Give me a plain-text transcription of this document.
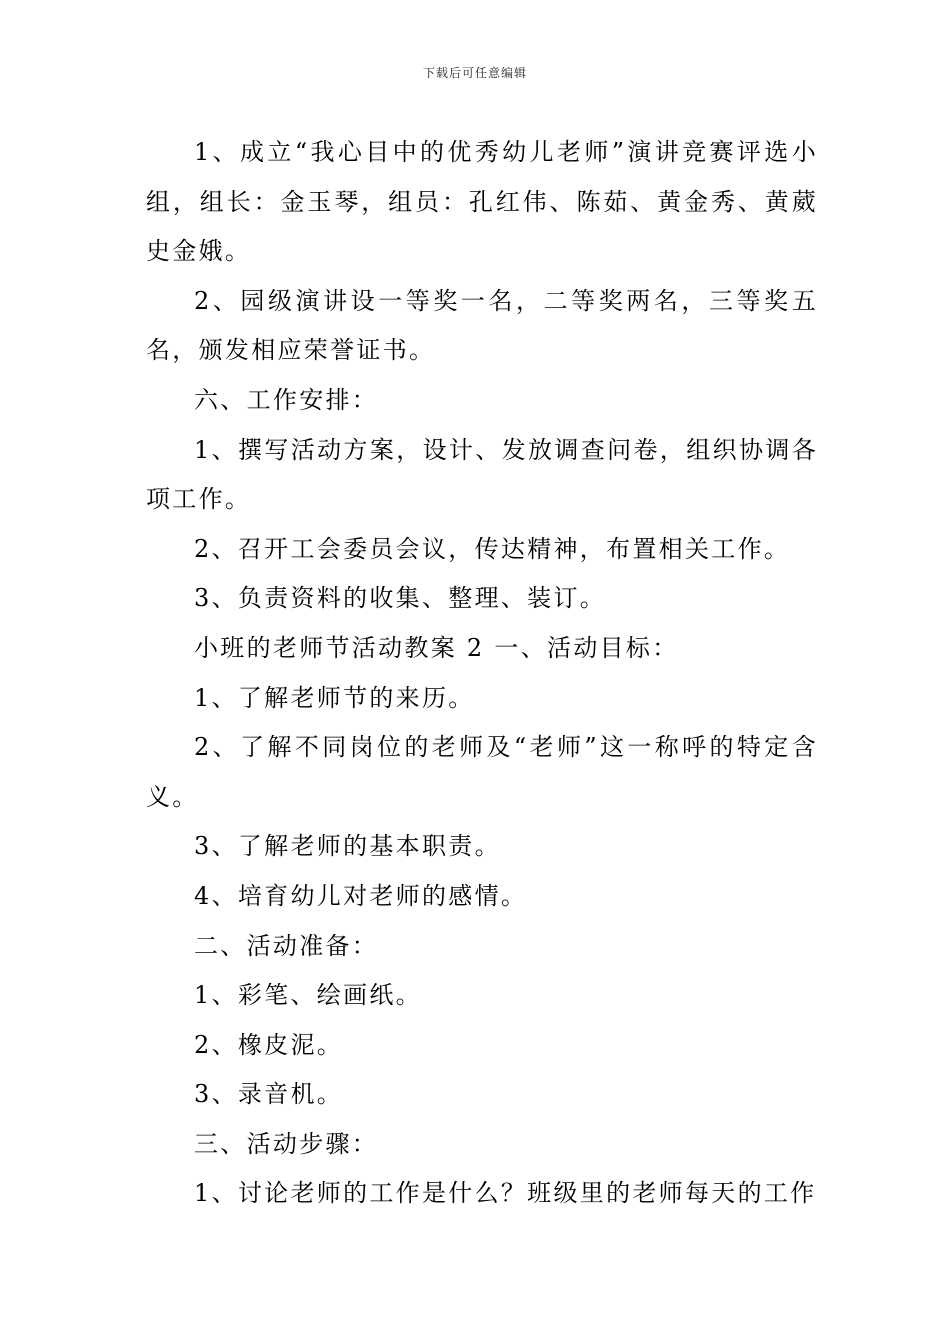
下载后可任意编辑

1、成立“我心目中的优秀幼儿老师”演讲竞赛评选小组，组长：金玉琴，组员：孔红伟、陈茹、黄金秀、黄葳史金娥。

2、园级演讲设一等奖一名，二等奖两名，三等奖五名，颁发相应荣誉证书。

六、工作安排：

1、撰写活动方案，设计、发放调查问卷，组织协调各项工作。

2、召开工会委员会议，传达精神，布置相关工作。

3、负责资料的收集、整理、装订。

小班的老师节活动教案 2 一、活动目标：

1、了解老师节的来历。

2、了解不同岗位的老师及“老师”这一称呼的特定含义。

3、了解老师的基本职责。

4、培育幼儿对老师的感情。

二、活动准备：

1、彩笔、绘画纸。

2、橡皮泥。

3、录音机。

三、活动步骤：

1、讨论老师的工作是什么？班级里的老师每天的工作
